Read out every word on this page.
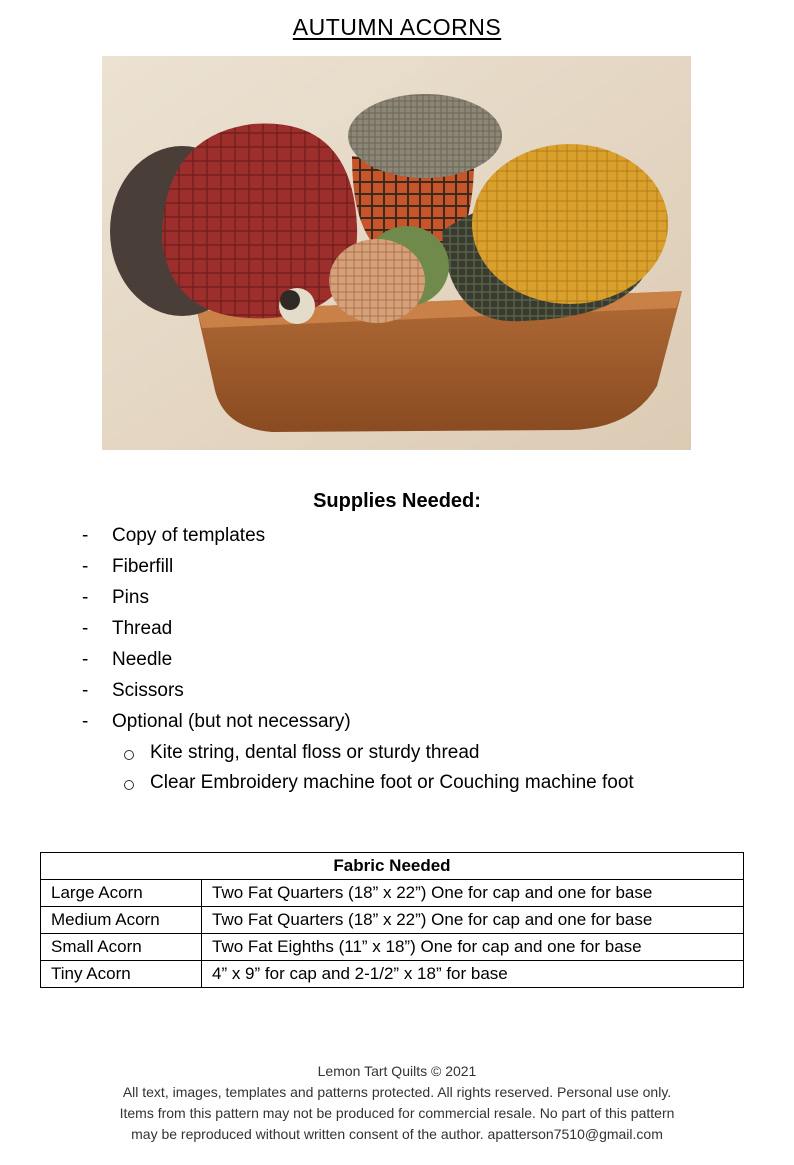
AUTUMN ACORNS
Supplies Needed:
-	Copy of templates
-	Fiberfill
-	Pins
-	Thread
-	Needle
-	Scissors
-	Optional (but not necessary)
Kite string, dental floss or sturdy thread
Clear Embroidery machine foot or Couching machine foot
Fabric Needed	
Large Acorn	Two Fat Quarters (18” x 22”) One for cap and one for base
Medium Acorn	Two Fat Quarters (18” x 22”) One for cap and one for base
Small Acorn	Two Fat Eighths (11” x 18”) One for cap and one for base
Tiny Acorn	4” x 9” for cap and 2-1/2” x 18” for base
Lemon Tart Quilts © 2021
All text, images, templates and patterns protected. All rights reserved. Personal use only.
Items from this pattern may not be produced for commercial resale. No part of this pattern
may be reproduced without written consent of the author. apatterson7510@gmail.com
